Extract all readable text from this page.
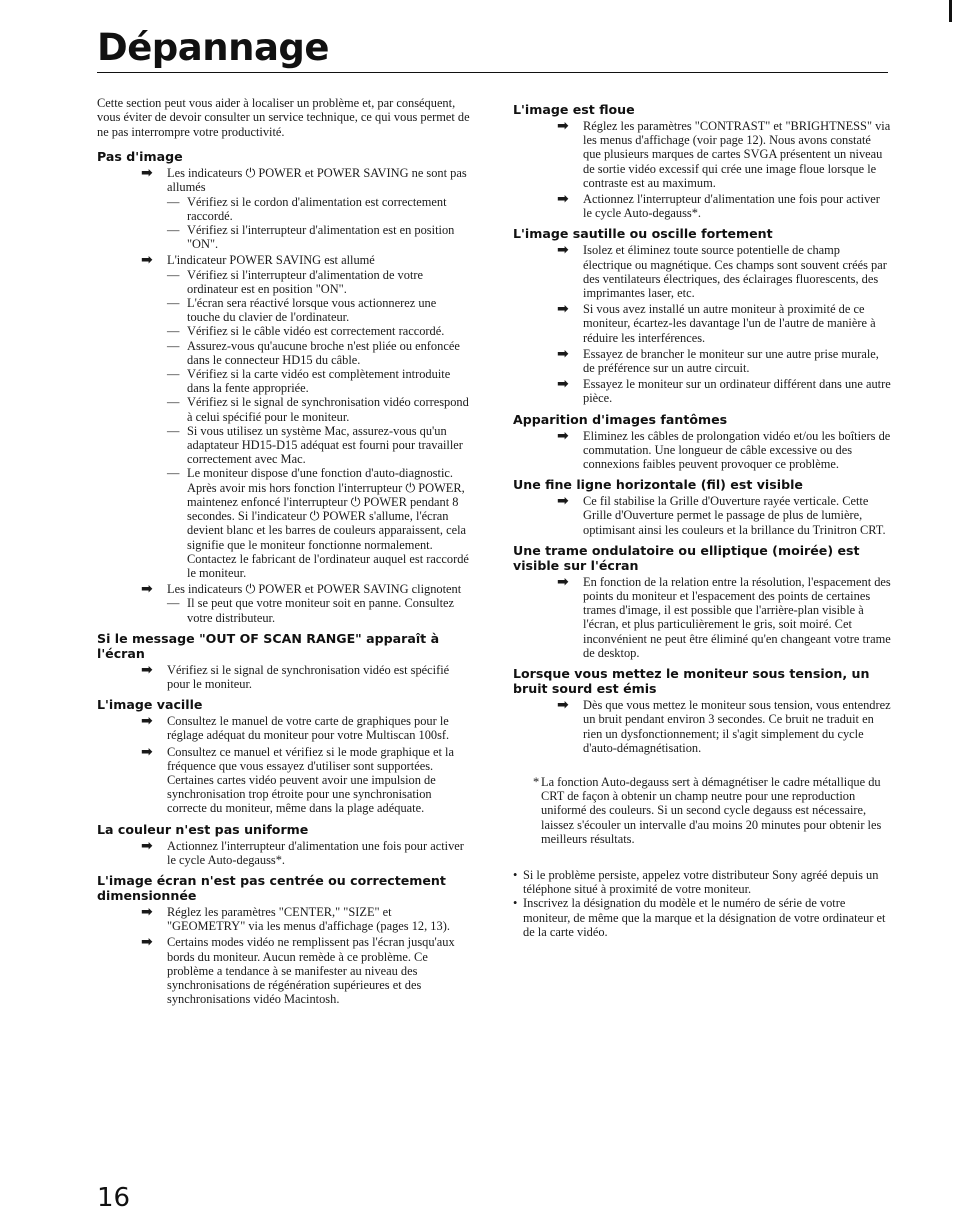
Dépannage

Cette section peut vous aider à localiser un problème et, par conséquent, vous éviter de devoir consulter un service technique, ce qui vous permet de ne pas interrompre votre productivité.

Pas d'image
➡ Les indicateurs ⏻ POWER et POWER SAVING ne sont pas allumés
— Vérifiez si le cordon d'alimentation est correctement raccordé.
— Vérifiez si l'interrupteur d'alimentation est en position "ON".
➡ L'indicateur POWER SAVING est allumé
— Vérifiez si l'interrupteur d'alimentation de votre ordinateur est en position "ON".
— L'écran sera réactivé lorsque vous actionnerez une touche du clavier de l'ordinateur.
— Vérifiez si le câble vidéo est correctement raccordé.
— Assurez-vous qu'aucune broche n'est pliée ou enfoncée dans le connecteur HD15 du câble.
— Vérifiez si la carte vidéo est complètement introduite dans la fente appropriée.
— Vérifiez si le signal de synchronisation vidéo correspond à celui spécifié pour le moniteur.
— Si vous utilisez un système Mac, assurez-vous qu'un adaptateur HD15-D15 adéquat est fourni pour travailler correctement avec Mac.
— Le moniteur dispose d'une fonction d'auto-diagnostic. Après avoir mis hors fonction l'interrupteur ⏻ POWER, maintenez enfoncé l'interrupteur ⏻ POWER pendant 8 secondes. Si l'indicateur ⏻ POWER s'allume, l'écran devient blanc et les barres de couleurs apparaissent, cela signifie que le moniteur fonctionne normalement. Contactez le fabricant de l'ordinateur auquel est raccordé le moniteur.
➡ Les indicateurs ⏻ POWER et POWER SAVING clignotent
— Il se peut que votre moniteur soit en panne. Consultez votre distributeur.
Si le message "OUT OF SCAN RANGE" apparaît à l'écran
➡ Vérifiez si le signal de synchronisation vidéo est spécifié pour le moniteur.
L'image vacille
➡ Consultez le manuel de votre carte de graphiques pour le réglage adéquat du moniteur pour votre Multiscan 100sf.
➡ Consultez ce manuel et vérifiez si le mode graphique et la fréquence que vous essayez d'utiliser sont supportées. Certaines cartes vidéo peuvent avoir une impulsion de synchronisation trop étroite pour une synchronisation correcte du moniteur, même dans la plage adéquate.
La couleur n'est pas uniforme
➡ Actionnez l'interrupteur d'alimentation une fois pour activer le cycle Auto-degauss*.
L'image écran n'est pas centrée ou correctement dimensionnée
➡ Réglez les paramètres "CENTER," "SIZE" et "GEOMETRY" via les menus d'affichage (pages 12, 13).
➡ Certains modes vidéo ne remplissent pas l'écran jusqu'aux bords du moniteur. Aucun remède à ce problème. Ce problème a tendance à se manifester au niveau des synchronisations de régénération supérieures et des synchronisations vidéo Macintosh.
L'image est floue
➡ Réglez les paramètres "CONTRAST" et "BRIGHTNESS" via les menus d'affichage (voir page 12). Nous avons constaté que plusieurs marques de cartes SVGA présentent un niveau de sortie vidéo excessif qui crée une image floue lorsque le contraste est au maximum.
➡ Actionnez l'interrupteur d'alimentation une fois pour activer le cycle Auto-degauss*.
L'image sautille ou oscille fortement
➡ Isolez et éliminez toute source potentielle de champ électrique ou magnétique. Ces champs sont souvent créés par des ventilateurs électriques, des éclairages fluorescents, des imprimantes laser, etc.
➡ Si vous avez installé un autre moniteur à proximité de ce moniteur, écartez-les davantage l'un de l'autre de manière à réduire les interférences.
➡ Essayez de brancher le moniteur sur une autre prise murale, de préférence sur un autre circuit.
➡ Essayez le moniteur sur un ordinateur différent dans une autre pièce.
Apparition d'images fantômes
➡ Eliminez les câbles de prolongation vidéo et/ou les boîtiers de commutation. Une longueur de câble excessive ou des connexions faibles peuvent provoquer ce problème.
Une fine ligne horizontale (fil) est visible
➡ Ce fil stabilise la Grille d'Ouverture rayée verticale. Cette Grille d'Ouverture permet le passage de plus de lumière, optimisant ainsi les couleurs et la brillance du Trinitron CRT.
Une trame ondulatoire ou elliptique (moirée) est visible sur l'écran
➡ En fonction de la relation entre la résolution, l'espacement des points du moniteur et l'espacement des points de certaines trames d'image, il est possible que l'arrière-plan visible à l'écran, et plus particulièrement le gris, soit moiré. Cet inconvénient ne peut être éliminé qu'en changeant votre trame de desktop.
Lorsque vous mettez le moniteur sous tension, un bruit sourd est émis
➡ Dès que vous mettez le moniteur sous tension, vous entendrez un bruit pendant environ 3 secondes. Ce bruit ne traduit en rien un dysfonctionnement; il s'agit simplement du cycle d'auto-démagnétisation.
* La fonction Auto-degauss sert à démagnétiser le cadre métallique du CRT de façon à obtenir un champ neutre pour une reproduction uniformé des couleurs. Si un second cycle degauss est nécessaire, laissez s'écouler un intervalle d'au moins 20 minutes pour obtenir les meilleurs résultats.
• Si le problème persiste, appelez votre distributeur Sony agréé depuis un téléphone situé à proximité de votre moniteur.
• Inscrivez la désignation du modèle et le numéro de série de votre moniteur, de même que la marque et la désignation de votre ordinateur et de la carte vidéo.
16
